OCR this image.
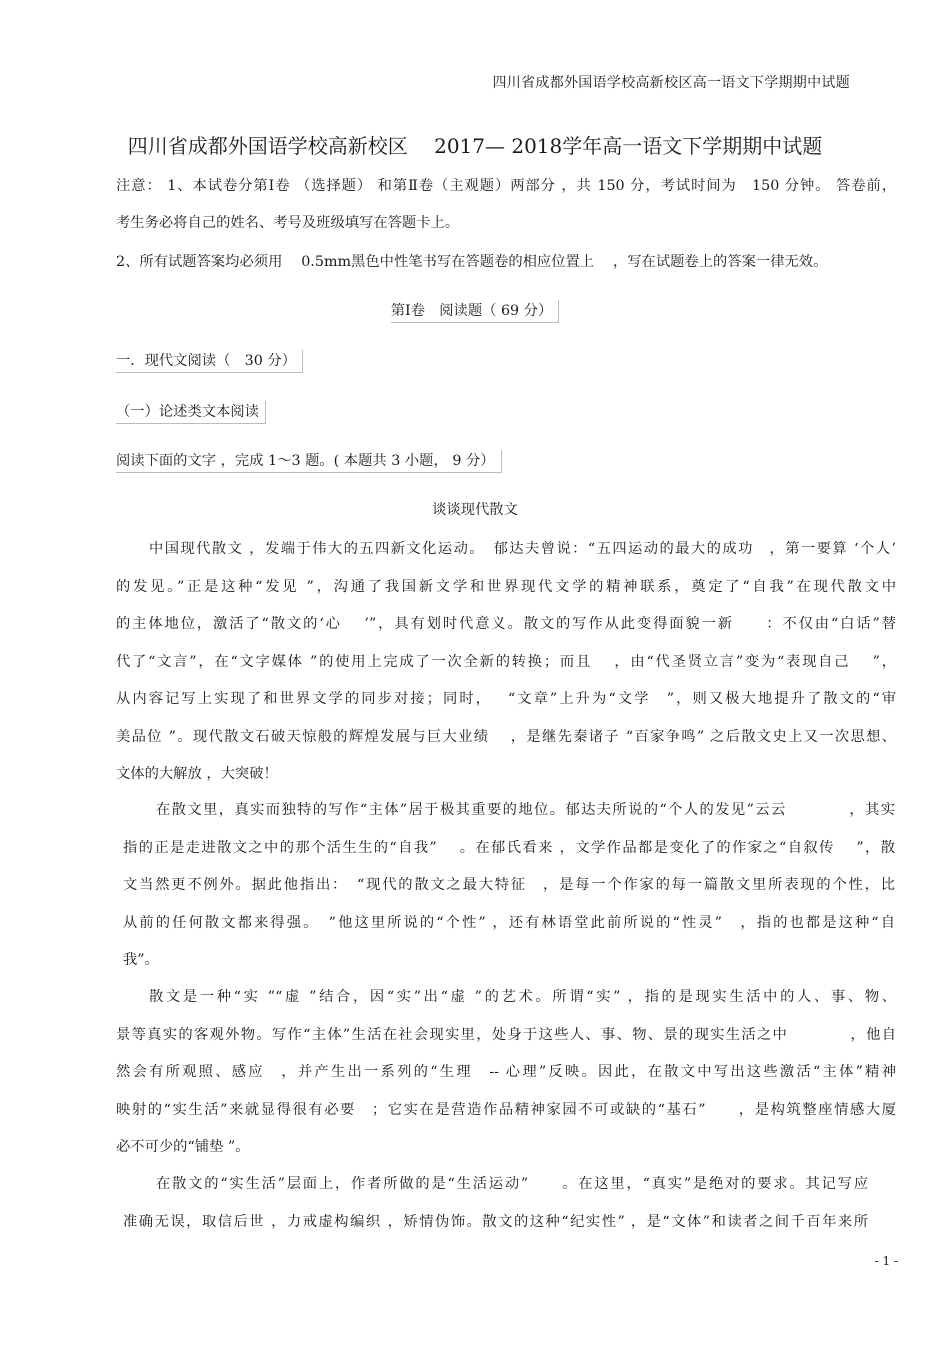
四川省成都外国语学校高新校区高一语文下学期期中试题
四川省成都外国语学校高新校区　 2017— 2018学年高一语文下学期期中试题
注意： 1、本试卷分第Ⅰ卷 （选择题） 和第Ⅱ卷（主观题）两部分 ，共 150 分，考试时间为　150 分钟。 答卷前，
考生务必将自己的姓名、考号及班级填写在答题卡上。
2、所有试题答案均必须用　 0.5mm黑色中性笔书写在答题卷的相应位置上　 ，写在试题卷上的答案一律无效。
第Ⅰ卷　阅读题（ 69 分）
一．现代文阅读（　30 分）
（一）论述类文本阅读
阅读下面的文字 ，完成 1～3 题。( 本题共 3 小题， 9 分）
谈谈现代散文
中国现代散文 ，发端于伟大的五四新文化运动。　郁达夫曾说：“五四运动的最大的成功　，第一要算 ‘个人’
的发见。”正是这种“发见 ”，沟通了我国新文学和世界现代文学的精神联系，奠定了“自我”在现代散文中
的主体地位，激活了“散文的‘心　 ’”，具有划时代意义。散文的写作从此变得面貌一新　　：不仅由“白话”替
代了“文言”，在“文字媒体 ”的使用上完成了一次全新的转换；而且　 ，由“代圣贤立言”变为“表现自己　 ”，
从内容记写上实现了和世界文学的同步对接；同时，　 “文章”上升为“文学　”，则又极大地提升了散文的“审
美品位 ”。现代散文石破天惊般的辉煌发展与巨大业绩　 ，是继先秦诸子 “百家争鸣” 之后散文史上又一次思想、
文体的大解放 ，大突破！
在散文里，真实而独特的写作“主体”居于极其重要的地位。郁达夫所说的“个人的发见”云云　　　　，其实
指的正是走进散文之中的那个活生生的“自我”　 。在郁氏看来 ，文学作品都是变化了的作家之“自叙传　 ”，散
文当然更不例外。据此他指出：　“现代的散文之最大特征　，是每一个作家的每一篇散文里所表现的个性，比
从前的任何散文都来得强。　”他这里所说的“个性” ，还有林语堂此前所说的“性灵”　，指的也都是这种“自
我”。
散文是一种“实 ”“虚 ”结合，因“实”出“虚 ”的艺术。所谓“实” ，指的是现实生活中的人、事、物、
景等真实的客观外物。写作“主体”生活在社会现实里，处身于这些人、事、物、景的现实生活之中　　　　，他自
然会有所观照、感应　，并产生出一系列的“生理　-- 心理”反映。因此，在散文中写出这些激活“主体”精神
映射的“实生活”来就显得很有必要　；它实在是营造作品精神家园不可或缺的“基石”　　，是构筑整座情感大厦
必不可少的“铺垫 ”。
在散文的“实生活”层面上，作者所做的是“生活运动”　　。在这里，“真实”是绝对的要求。其记写应
准确无误，取信后世 ，力戒虚构编织 ，矫情伪饰。散文的这种“纪实性” ，是“文体”和读者之间千百年来所
- 1 -
